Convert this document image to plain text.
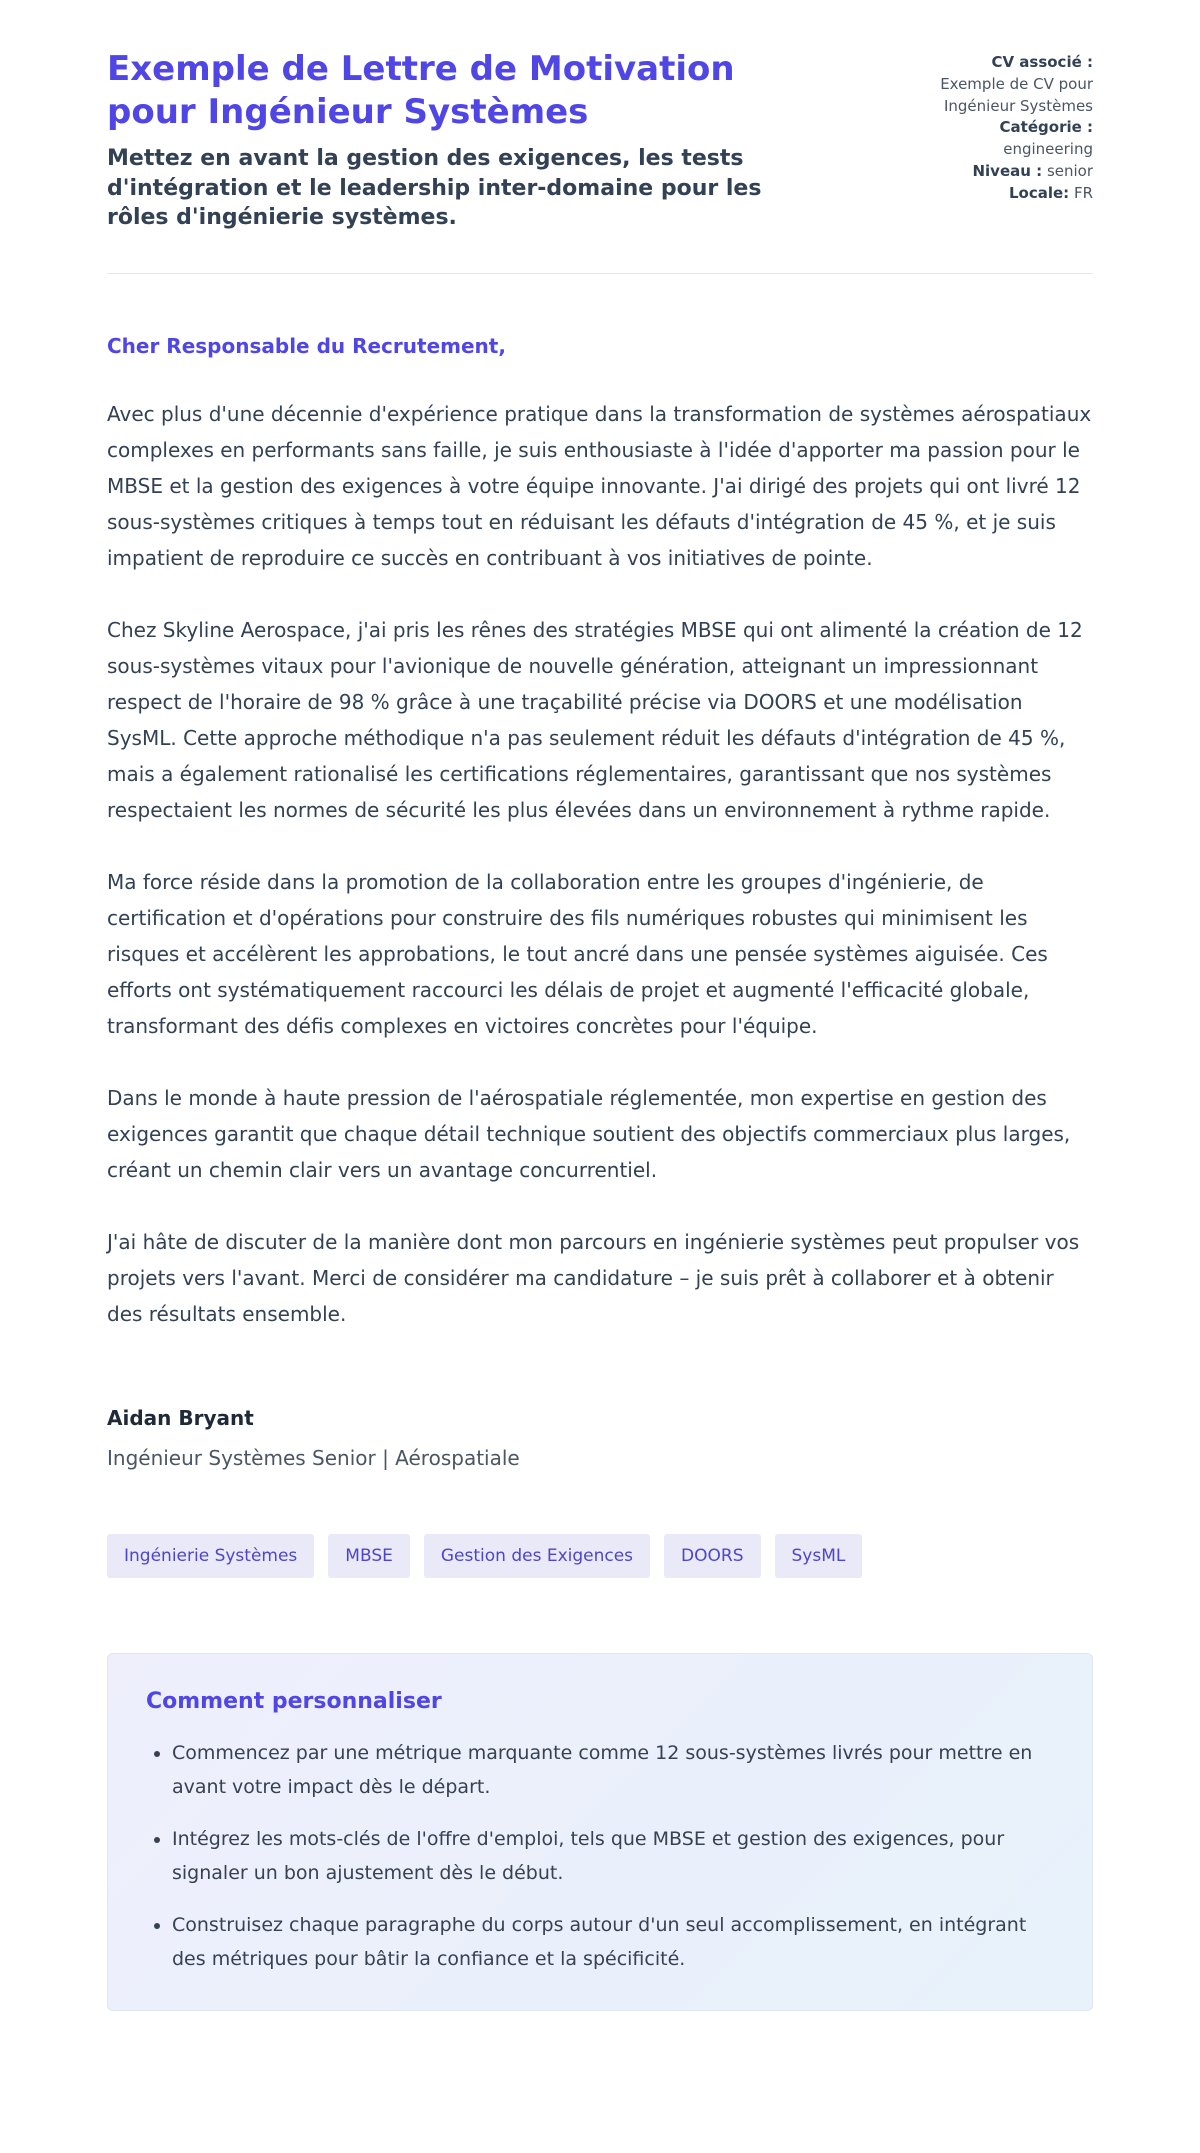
Exemple de Lettre de Motivation pour Ingénieur Systèmes

Mettez en avant la gestion des exigences, les tests d'intégration et le leadership inter-domaine pour les rôles d'ingénierie systèmes.

CV associé : Exemple de CV pour Ingénieur Systèmes
Catégorie : engineering
Niveau : senior
Locale: FR

Cher Responsable du Recrutement,

Avec plus d'une décennie d'expérience pratique dans la transformation de systèmes aérospatiaux complexes en performants sans faille, je suis enthousiaste à l'idée d'apporter ma passion pour le MBSE et la gestion des exigences à votre équipe innovante. J'ai dirigé des projets qui ont livré 12 sous-systèmes critiques à temps tout en réduisant les défauts d'intégration de 45 %, et je suis impatient de reproduire ce succès en contribuant à vos initiatives de pointe.

Chez Skyline Aerospace, j'ai pris les rênes des stratégies MBSE qui ont alimenté la création de 12 sous-systèmes vitaux pour l'avionique de nouvelle génération, atteignant un impressionnant respect de l'horaire de 98 % grâce à une traçabilité précise via DOORS et une modélisation SysML. Cette approche méthodique n'a pas seulement réduit les défauts d'intégration de 45 %, mais a également rationalisé les certifications réglementaires, garantissant que nos systèmes respectaient les normes de sécurité les plus élevées dans un environnement à rythme rapide.

Ma force réside dans la promotion de la collaboration entre les groupes d'ingénierie, de certification et d'opérations pour construire des fils numériques robustes qui minimisent les risques et accélèrent les approbations, le tout ancré dans une pensée systèmes aiguisée. Ces efforts ont systématiquement raccourci les délais de projet et augmenté l'efficacité globale, transformant des défis complexes en victoires concrètes pour l'équipe.

Dans le monde à haute pression de l'aérospatiale réglementée, mon expertise en gestion des exigences garantit que chaque détail technique soutient des objectifs commerciaux plus larges, créant un chemin clair vers un avantage concurrentiel.

J'ai hâte de discuter de la manière dont mon parcours en ingénierie systèmes peut propulser vos projets vers l'avant. Merci de considérer ma candidature – je suis prêt à collaborer et à obtenir des résultats ensemble.

Aidan Bryant

Ingénieur Systèmes Senior | Aérospatiale

Ingénierie Systèmes	MBSE	Gestion des Exigences	DOORS	SysML
Comment personnaliser
• Commencez par une métrique marquante comme 12 sous-systèmes livrés pour mettre en avant votre impact dès le départ.
• Intégrez les mots-clés de l'offre d'emploi, tels que MBSE et gestion des exigences, pour signaler un bon ajustement dès le début.
• Construisez chaque paragraphe du corps autour d'un seul accomplissement, en intégrant des métriques pour bâtir la confiance et la spécificité.
